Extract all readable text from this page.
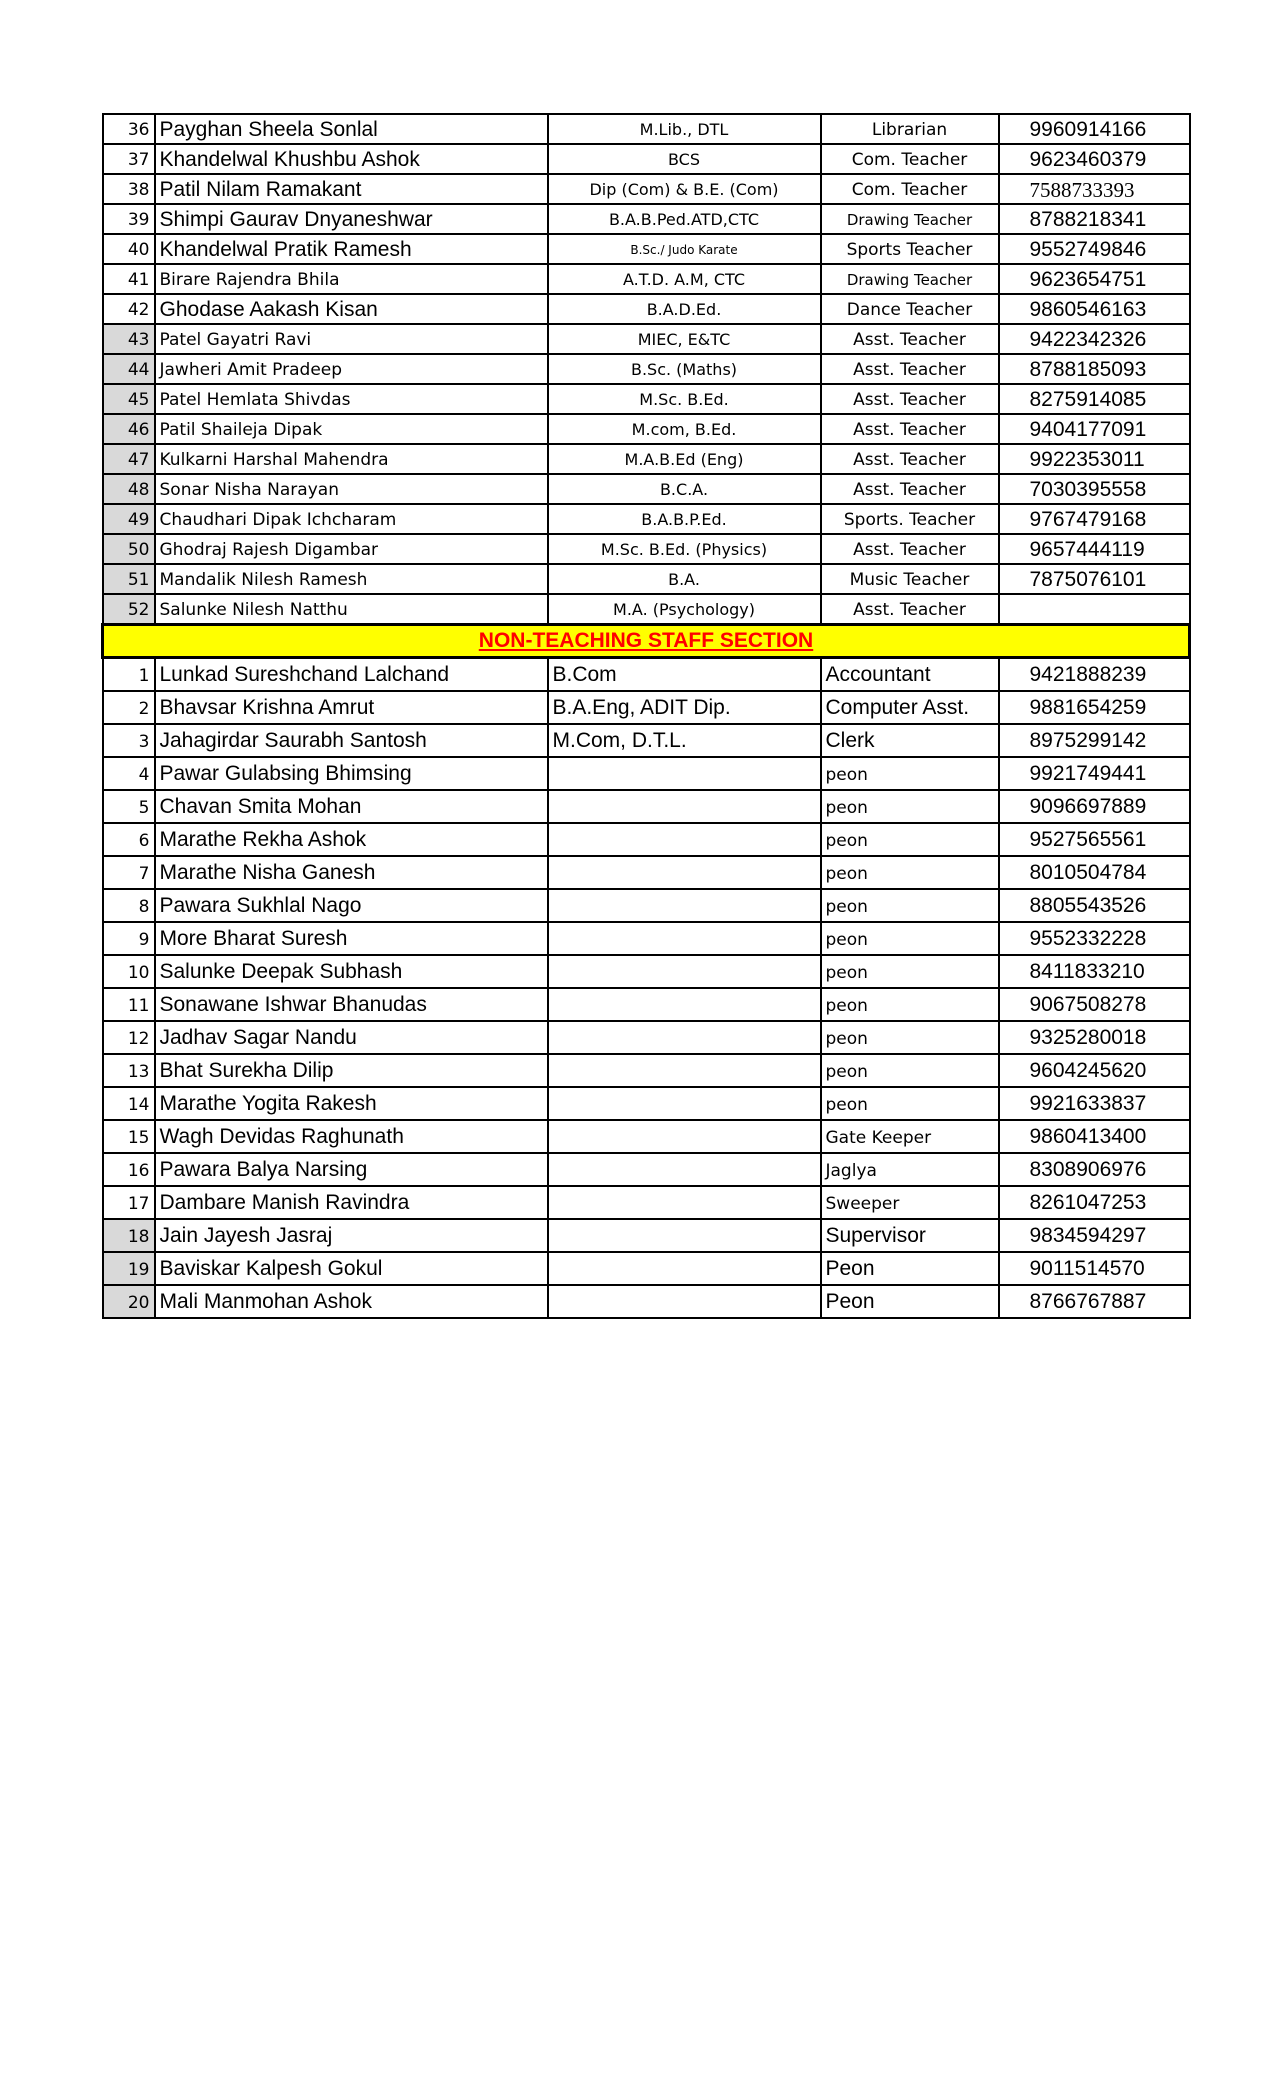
36	Payghan Sheela Sonlal	M.Lib., DTL	Librarian	9960914166
37	Khandelwal Khushbu Ashok	BCS	Com. Teacher	9623460379
38	Patil Nilam Ramakant	Dip (Com) & B.E. (Com)	Com. Teacher	7588733393
39	Shimpi Gaurav Dnyaneshwar	B.A.B.Ped.ATD,CTC	Drawing Teacher	8788218341
40	Khandelwal Pratik Ramesh	B.Sc./ Judo Karate	Sports Teacher	9552749846
41	Birare Rajendra Bhila	A.T.D. A.M, CTC	Drawing Teacher	9623654751
42	Ghodase Aakash Kisan	B.A.D.Ed.	Dance Teacher	9860546163
43	Patel Gayatri Ravi	MIEC, E&TC	Asst. Teacher	9422342326
44	Jawheri Amit Pradeep	B.Sc. (Maths)	Asst. Teacher	8788185093
45	Patel Hemlata Shivdas	M.Sc. B.Ed.	Asst. Teacher	8275914085
46	Patil Shaileja Dipak	M.com, B.Ed.	Asst. Teacher	9404177091
47	Kulkarni Harshal Mahendra	M.A.B.Ed (Eng)	Asst. Teacher	9922353011
48	Sonar Nisha Narayan	B.C.A.	Asst. Teacher	7030395558
49	Chaudhari Dipak Ichcharam	B.A.B.P.Ed.	Sports. Teacher	9767479168
50	Ghodraj Rajesh Digambar	M.Sc. B.Ed. (Physics)	Asst. Teacher	9657444119
51	Mandalik Nilesh Ramesh	B.A.	Music Teacher	7875076101
52	Salunke Nilesh Natthu	M.A. (Psychology)	Asst. Teacher	
NON-TEACHING STAFF SECTION				
1	Lunkad Sureshchand Lalchand	B.Com	Accountant	9421888239
2	Bhavsar Krishna Amrut	B.A.Eng, ADIT Dip.	Computer Asst.	9881654259
3	Jahagirdar Saurabh Santosh	M.Com, D.T.L.	Clerk	8975299142
4	Pawar Gulabsing Bhimsing		peon	9921749441
5	Chavan Smita Mohan		peon	9096697889
6	Marathe Rekha Ashok		peon	9527565561
7	Marathe Nisha Ganesh		peon	8010504784
8	Pawara Sukhlal Nago		peon	8805543526
9	More Bharat Suresh		peon	9552332228
10	Salunke Deepak Subhash		peon	8411833210
11	Sonawane Ishwar Bhanudas		peon	9067508278
12	Jadhav Sagar Nandu		peon	9325280018
13	Bhat Surekha Dilip		peon	9604245620
14	Marathe Yogita Rakesh		peon	9921633837
15	Wagh Devidas Raghunath		Gate Keeper	9860413400
16	Pawara Balya Narsing		Jaglya	8308906976
17	Dambare Manish Ravindra		Sweeper	8261047253
18	Jain Jayesh Jasraj		Supervisor	9834594297
19	Baviskar Kalpesh Gokul		Peon	9011514570
20	Mali Manmohan Ashok		Peon	8766767887
